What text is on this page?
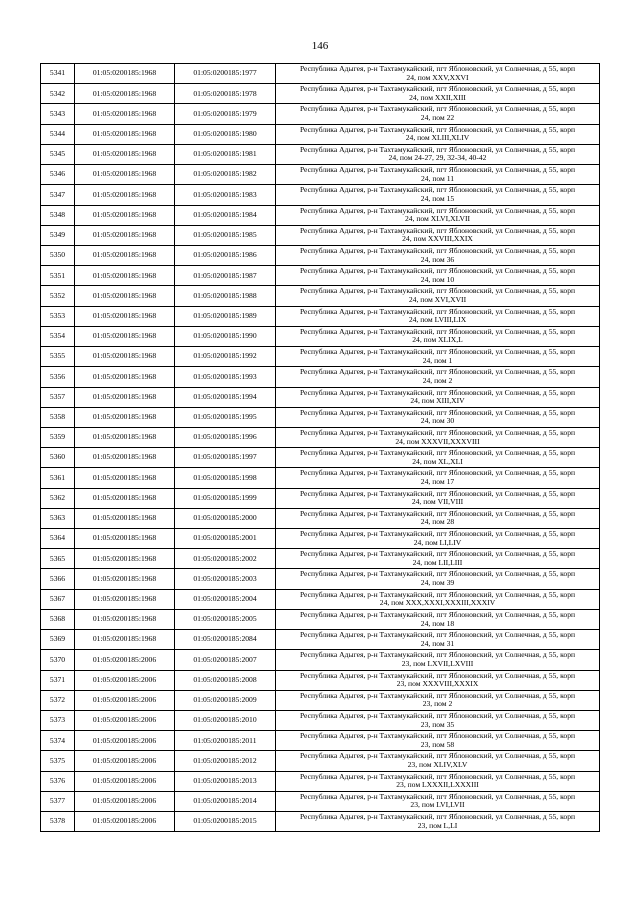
146
5341	01:05:0200185:1968	01:05:0200185:1977	Республика Адыгея, р-н Тахтамукайский, пгт Яблоновский, ул Солнечная, д 55, корп
24, пом XXV,XXVI

5342	01:05:0200185:1968	01:05:0200185:1978	Республика Адыгея, р-н Тахтамукайский, пгт Яблоновский, ул Солнечная, д 55, корп
24, пом XXII,XIII

5343	01:05:0200185:1968	01:05:0200185:1979	Республика Адыгея, р-н Тахтамукайский, пгт Яблоновский, ул Солнечная, д 55, корп
24, пом 22

5344	01:05:0200185:1968	01:05:0200185:1980	Республика Адыгея, р-н Тахтамукайский, пгт Яблоновский, ул Солнечная, д 55, корп
24, пом XLIII,XLIV

5345	01:05:0200185:1968	01:05:0200185:1981	Республика Адыгея, р-н Тахтамукайский, пгт Яблоновский, ул Солнечная, д 55, корп
24, пом 24-27, 29, 32-34, 40-42

5346	01:05:0200185:1968	01:05:0200185:1982	Республика Адыгея, р-н Тахтамукайский, пгт Яблоновский, ул Солнечная, д 55, корп
24, пом 11

5347	01:05:0200185:1968	01:05:0200185:1983	Республика Адыгея, р-н Тахтамукайский, пгт Яблоновский, ул Солнечная, д 55, корп
24, пом 15

5348	01:05:0200185:1968	01:05:0200185:1984	Республика Адыгея, р-н Тахтамукайский, пгт Яблоновский, ул Солнечная, д 55, корп
24, пом XLVI,XLVII

5349	01:05:0200185:1968	01:05:0200185:1985	Республика Адыгея, р-н Тахтамукайский, пгт Яблоновский, ул Солнечная, д 55, корп
24, пом XXVIII,XXIX

5350	01:05:0200185:1968	01:05:0200185:1986	Республика Адыгея, р-н Тахтамукайский, пгт Яблоновский, ул Солнечная, д 55, корп
24, пом 36

5351	01:05:0200185:1968	01:05:0200185:1987	Республика Адыгея, р-н Тахтамукайский, пгт Яблоновский, ул Солнечная, д 55, корп
24, пом 10

5352	01:05:0200185:1968	01:05:0200185:1988	Республика Адыгея, р-н Тахтамукайский, пгт Яблоновский, ул Солнечная, д 55, корп
24, пом XVI,XVII

5353	01:05:0200185:1968	01:05:0200185:1989	Республика Адыгея, р-н Тахтамукайский, пгт Яблоновский, ул Солнечная, д 55, корп
24, пом LVIII,LIX

5354	01:05:0200185:1968	01:05:0200185:1990	Республика Адыгея, р-н Тахтамукайский, пгт Яблоновский, ул Солнечная, д 55, корп
24, пом XLIX,L

5355	01:05:0200185:1968	01:05:0200185:1992	Республика Адыгея, р-н Тахтамукайский, пгт Яблоновский, ул Солнечная, д 55, корп
24, пом 1

5356	01:05:0200185:1968	01:05:0200185:1993	Республика Адыгея, р-н Тахтамукайский, пгт Яблоновский, ул Солнечная, д 55, корп
24, пом 2

5357	01:05:0200185:1968	01:05:0200185:1994	Республика Адыгея, р-н Тахтамукайский, пгт Яблоновский, ул Солнечная, д 55, корп
24, пом XIII,XIV

5358	01:05:0200185:1968	01:05:0200185:1995	Республика Адыгея, р-н Тахтамукайский, пгт Яблоновский, ул Солнечная, д 55, корп
24, пом 30

5359	01:05:0200185:1968	01:05:0200185:1996	Республика Адыгея, р-н Тахтамукайский, пгт Яблоновский, ул Солнечная, д 55, корп
24, пом XXXVII,XXXVIII

5360	01:05:0200185:1968	01:05:0200185:1997	Республика Адыгея, р-н Тахтамукайский, пгт Яблоновский, ул Солнечная, д 55, корп
24, пом XL,XLI

5361	01:05:0200185:1968	01:05:0200185:1998	Республика Адыгея, р-н Тахтамукайский, пгт Яблоновский, ул Солнечная, д 55, корп
24, пом 17

5362	01:05:0200185:1968	01:05:0200185:1999	Республика Адыгея, р-н Тахтамукайский, пгт Яблоновский, ул Солнечная, д 55, корп
24, пом VII,VIII

5363	01:05:0200185:1968	01:05:0200185:2000	Республика Адыгея, р-н Тахтамукайский, пгт Яблоновский, ул Солнечная, д 55, корп
24, пом 28

5364	01:05:0200185:1968	01:05:0200185:2001	Республика Адыгея, р-н Тахтамукайский, пгт Яблоновский, ул Солнечная, д 55, корп
24, пом LI,LIV

5365	01:05:0200185:1968	01:05:0200185:2002	Республика Адыгея, р-н Тахтамукайский, пгт Яблоновский, ул Солнечная, д 55, корп
24, пом LII,LIII

5366	01:05:0200185:1968	01:05:0200185:2003	Республика Адыгея, р-н Тахтамукайский, пгт Яблоновский, ул Солнечная, д 55, корп
24, пом 39

5367	01:05:0200185:1968	01:05:0200185:2004	Республика Адыгея, р-н Тахтамукайский, пгт Яблоновский, ул Солнечная, д 55, корп
24, пом XXX,XXXI,XXXIII,XXXIV

5368	01:05:0200185:1968	01:05:0200185:2005	Республика Адыгея, р-н Тахтамукайский, пгт Яблоновский, ул Солнечная, д 55, корп
24, пом 18

5369	01:05:0200185:1968	01:05:0200185:2084	Республика Адыгея, р-н Тахтамукайский, пгт Яблоновский, ул Солнечная, д 55, корп
24, пом 31

5370	01:05:0200185:2006	01:05:0200185:2007	Республика Адыгея, р-н Тахтамукайский, пгт Яблоновский, ул Солнечная, д 55, корп
23, пом LXVII,LXVIII

5371	01:05:0200185:2006	01:05:0200185:2008	Республика Адыгея, р-н Тахтамукайский, пгт Яблоновский, ул Солнечная, д 55, корп
23, пом XXXVIII,XXXIX

5372	01:05:0200185:2006	01:05:0200185:2009	Республика Адыгея, р-н Тахтамукайский, пгт Яблоновский, ул Солнечная, д 55, корп
23, пом 2

5373	01:05:0200185:2006	01:05:0200185:2010	Республика Адыгея, р-н Тахтамукайский, пгт Яблоновский, ул Солнечная, д 55, корп
23, пом 35

5374	01:05:0200185:2006	01:05:0200185:2011	Республика Адыгея, р-н Тахтамукайский, пгт Яблоновский, ул Солнечная, д 55, корп
23, пом 58

5375	01:05:0200185:2006	01:05:0200185:2012	Республика Адыгея, р-н Тахтамукайский, пгт Яблоновский, ул Солнечная, д 55, корп
23, пом XLIV,XLV

5376	01:05:0200185:2006	01:05:0200185:2013	Республика Адыгея, р-н Тахтамукайский, пгт Яблоновский, ул Солнечная, д 55, корп
23, пом LXXXII,LXXXIII

5377	01:05:0200185:2006	01:05:0200185:2014	Республика Адыгея, р-н Тахтамукайский, пгт Яблоновский, ул Солнечная, д 55, корп
23, пом LVI,LVII

5378	01:05:0200185:2006	01:05:0200185:2015	Республика Адыгея, р-н Тахтамукайский, пгт Яблоновский, ул Солнечная, д 55, корп
23, пом L,LI
